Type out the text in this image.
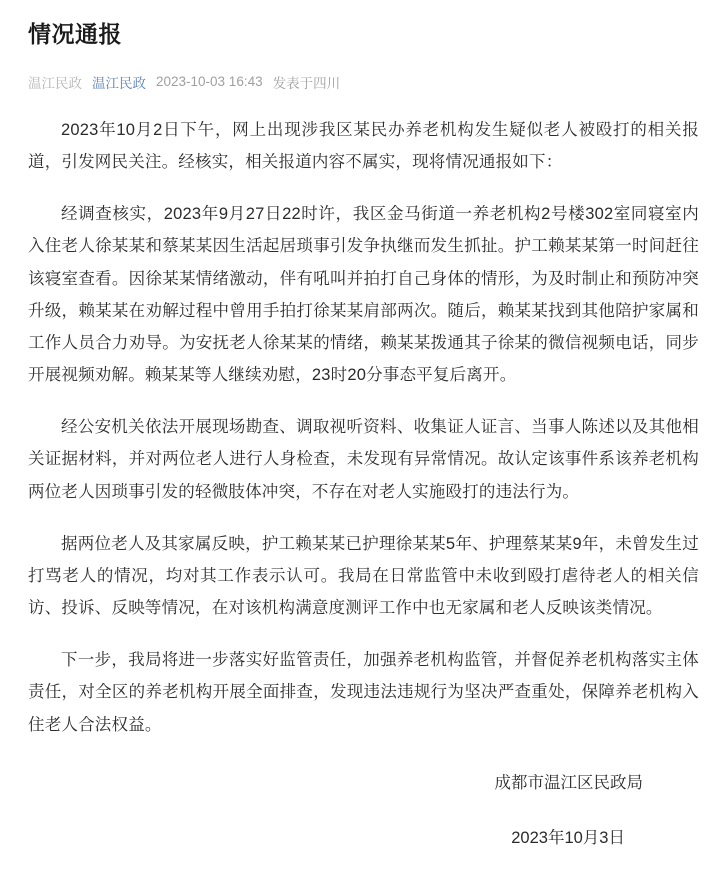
情况通报
温江民政 温江民政 2023-10-03 16:43 发表于四川

2023年10月2日下午，网上出现涉我区某民办养老机构发生疑似老人被殴打的相关报道，引发网民关注。经核实，相关报道内容不属实，现将情况通报如下：

经调查核实，2023年9月27日22时许，我区金马街道一养老机构2号楼302室同寝室内入住老人徐某某和蔡某某因生活起居琐事引发争执继而发生抓扯。护工赖某某第一时间赶往该寝室查看。因徐某某情绪激动，伴有吼叫并拍打自己身体的情形，为及时制止和预防冲突升级，赖某某在劝解过程中曾用手拍打徐某某肩部两次。随后，赖某某找到其他陪护家属和工作人员合力劝导。为安抚老人徐某某的情绪，赖某某拨通其子徐某的微信视频电话，同步开展视频劝解。赖某某等人继续劝慰，23时20分事态平复后离开。

经公安机关依法开展现场勘查、调取视听资料、收集证人证言、当事人陈述以及其他相关证据材料，并对两位老人进行人身检查，未发现有异常情况。故认定该事件系该养老机构两位老人因琐事引发的轻微肢体冲突，不存在对老人实施殴打的违法行为。

据两位老人及其家属反映，护工赖某某已护理徐某某5年、护理蔡某某9年，未曾发生过打骂老人的情况，均对其工作表示认可。我局在日常监管中未收到殴打虐待老人的相关信访、投诉、反映等情况，在对该机构满意度测评工作中也无家属和老人反映该类情况。

下一步，我局将进一步落实好监管责任，加强养老机构监管，并督促养老机构落实主体责任，对全区的养老机构开展全面排查，发现违法违规行为坚决严查重处，保障养老机构入住老人合法权益。

成都市温江区民政局
2023年10月3日
